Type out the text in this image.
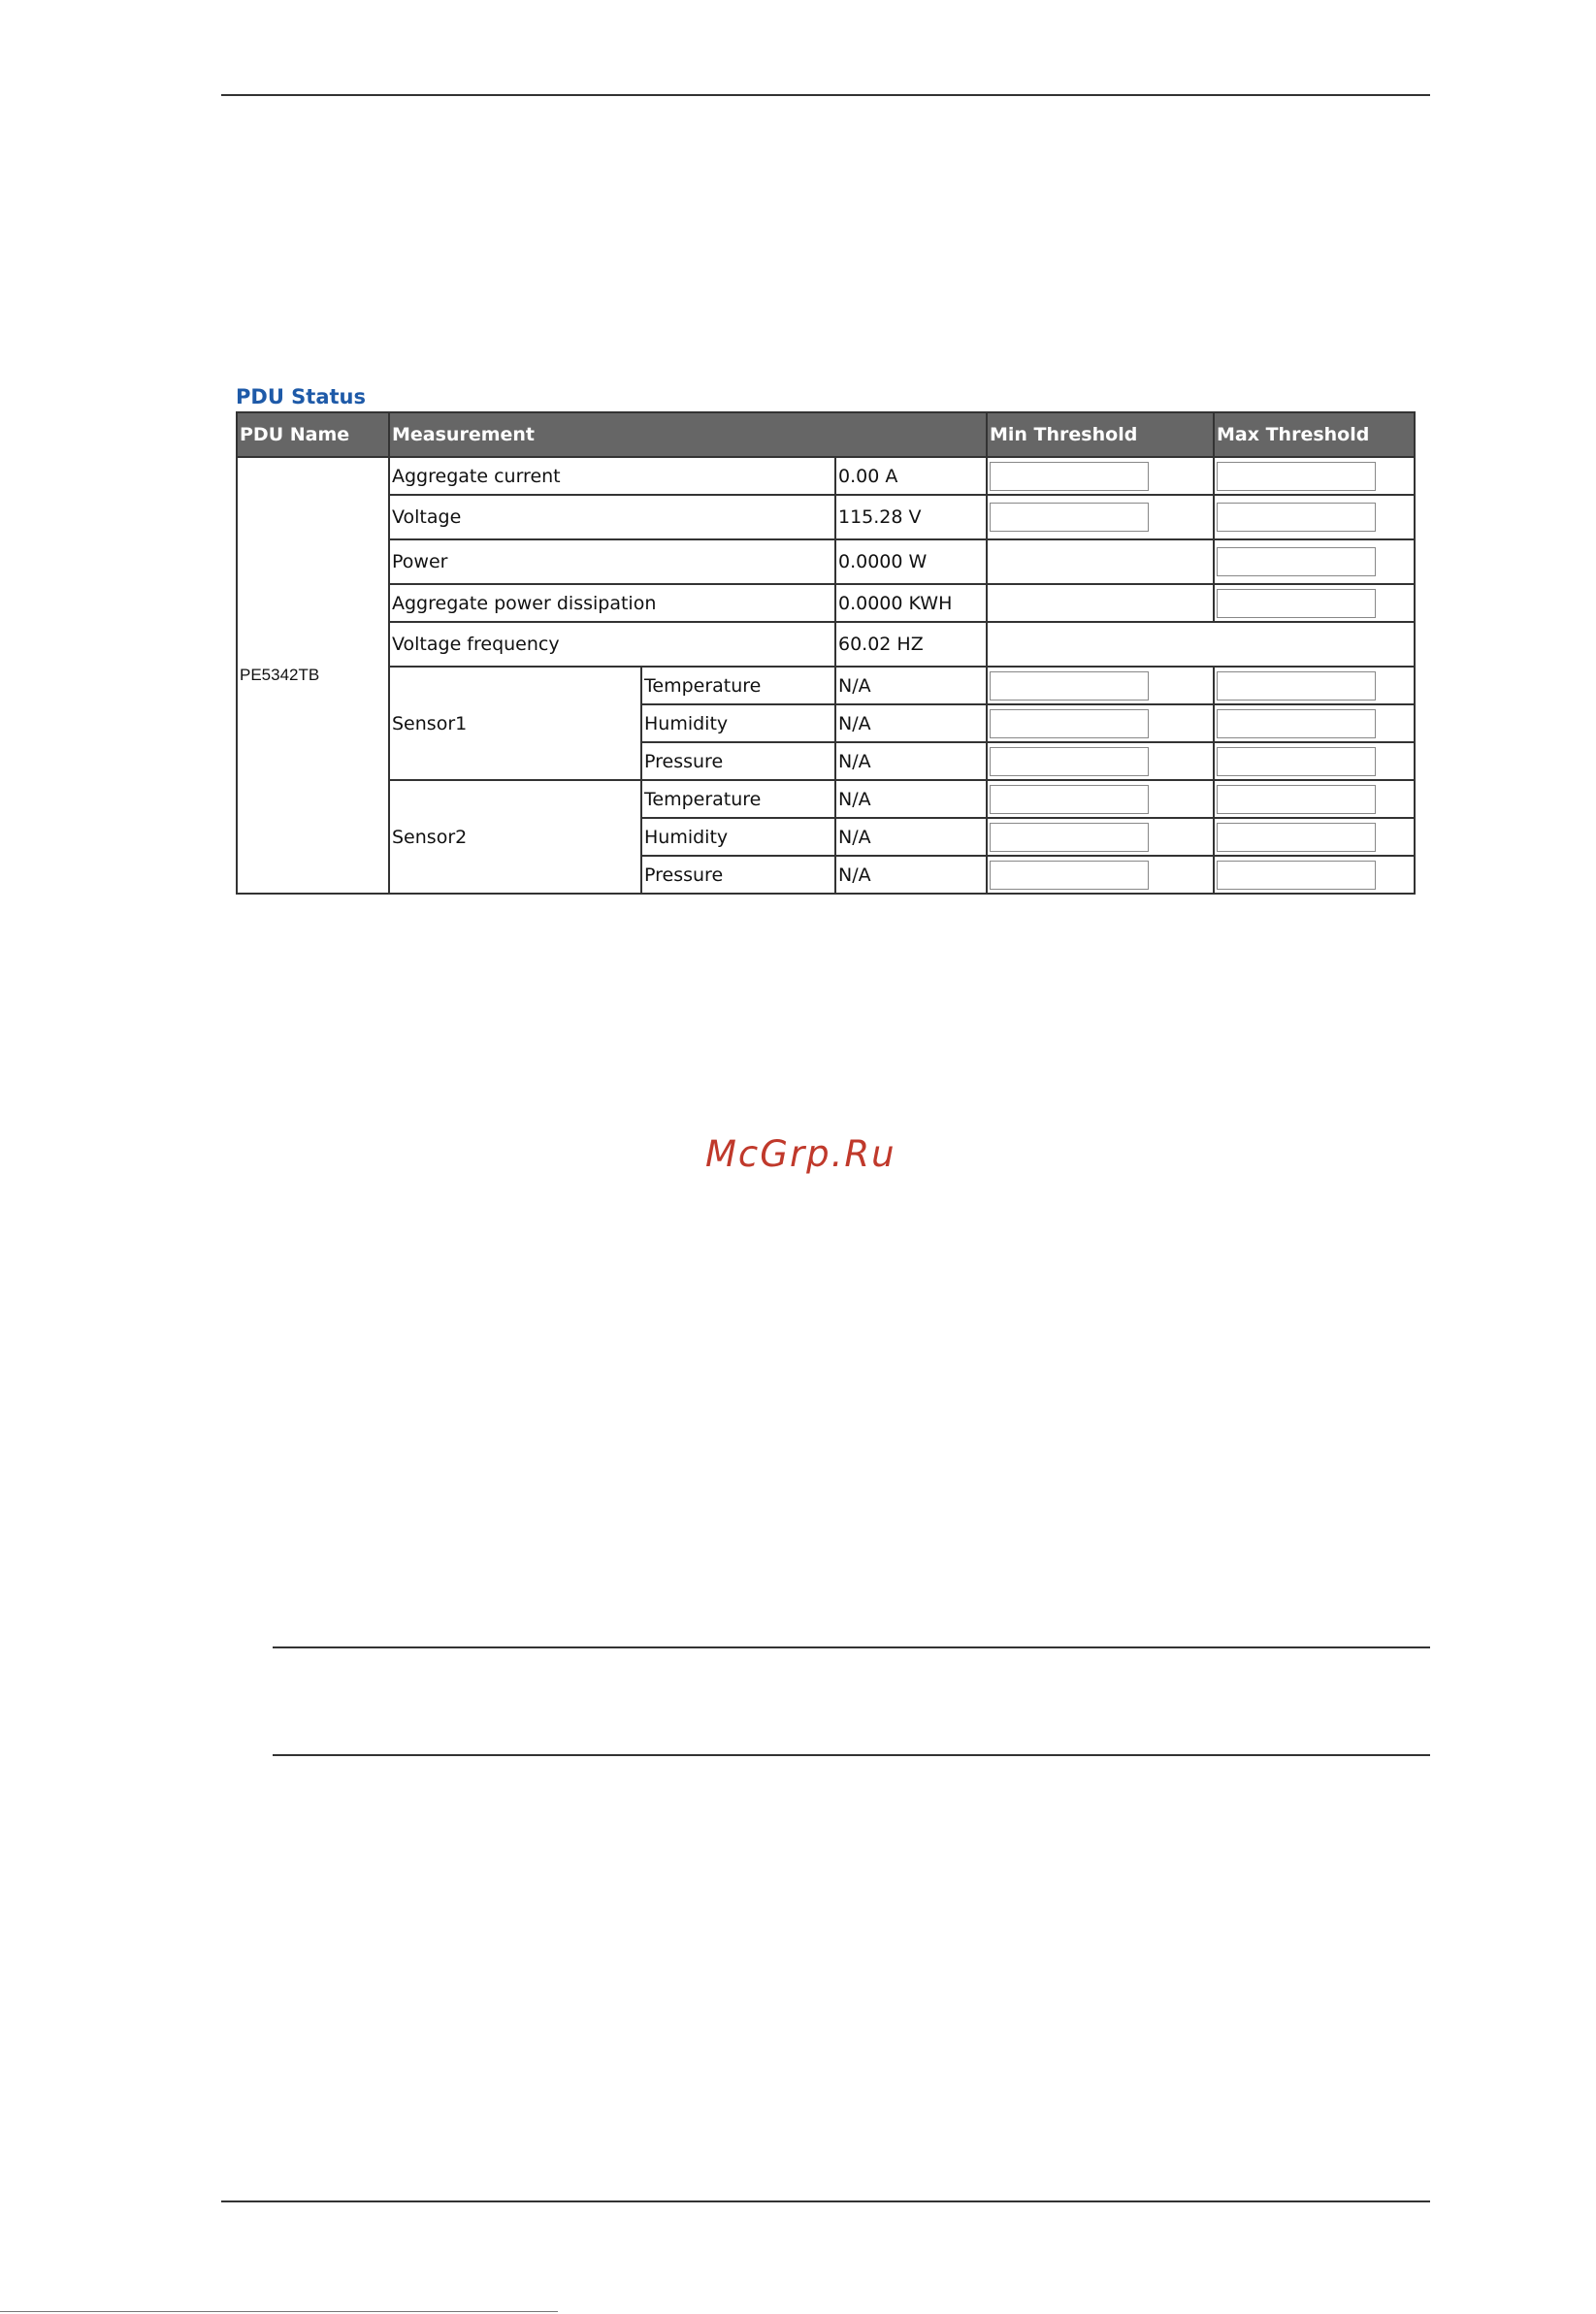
PDU Status
PDU Name	Measurement			Min Threshold	Max Threshold
PE5342TB	Aggregate current		0.00 A	

	Voltage		115.28 V	

	Power		0.0000 W		

	Aggregate power dissipation		0.0000 KWH		

	Voltage frequency		60.02 HZ		
	Sensor1	Temperature	N/A	

		Humidity	N/A	

		Pressure	N/A	

	Sensor2	Temperature	N/A	

		Humidity	N/A	

		Pressure	N/A	

McGrp.Ru
